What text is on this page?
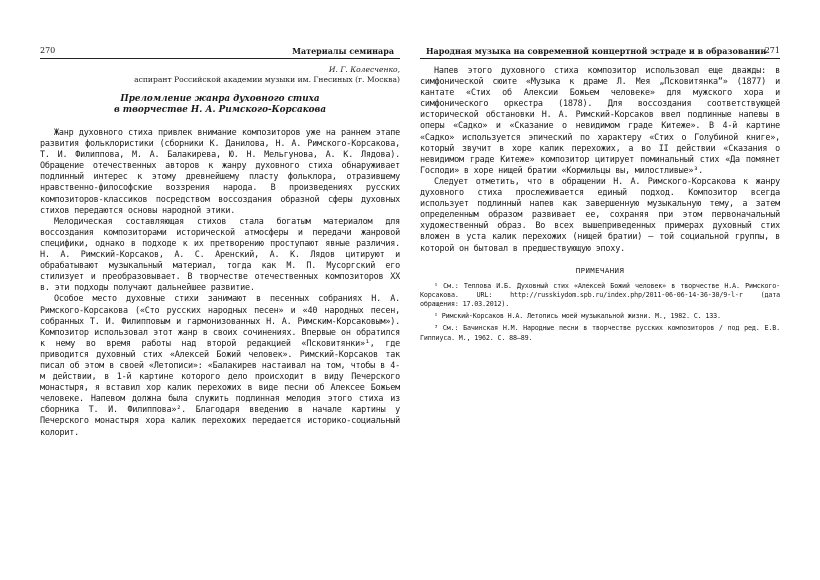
270	Материалы семинара
И. Г. Колесченко,
аспирант Российской академии музыки им. Гнесиных (г. Москва)
Преломление жанра духовного стиха
в творчестве Н. А. Римского-Корсакова

Жанр духовного стиха привлек внимание композиторов уже на раннем этапе развития фольклористики (сборники К. Данилова, Н. А. Римского-Корсакова, Т. И. Филиппова, М. А. Балакирева, Ю. Н. Мельгунова, А. К. Лядова). Обращение отечественных авторов к жанру духовного стиха обнаруживает подлинный интерес к этому древнейшему пласту фольклора, отразившему нравственно-философские воззрения народа. В произведениях русских композиторов-классиков посредством воссоздания образной сферы духовных стихов передаются основы народной этики.

Мелодическая составляющая стихов стала богатым материалом для воссоздания композиторами исторической атмосферы и передачи жанровой специфики, однако в подходе к их претворению проступают явные различия. Н. А. Римский-Корсаков, А. С. Аренский, А. К. Лядов цитируют и обрабатывают музыкальный материал, тогда как М. П. Мусоргский его стилизует и преобразовывает. В творчестве отечественных композиторов ХХ в. эти подходы получают дальнейшее развитие.

Особое место духовные стихи занимают в песенных собраниях Н. А. Римского-Корсакова («Сто русских народных песен» и «40 народных песен, собранных Т. И. Филипповым и гармонизованных Н. А. Римским-Корсаковым»). Композитор использовал этот жанр в своих сочинениях. Впервые он обратился к нему во время работы над второй редакцией «Псковитянки»¹, где приводится духовный стих «Алексей Божий человек». Римский-Корсаков так писал об этом в своей «Летописи»: «Балакирев настаивал на том, чтобы в 4-м действии, в 1-й картине которого дело происходит в виду Печерского монастыря, я вставил хор калик перехожих в виде песни об Алексее Божьем человеке. Напевом должна была служить подлинная мелодия этого стиха из сборника Т. И. Филиппова»². Благодаря введению в начале картины у Печерского монастыря хора калик перехожих передается историко-социальный колорит.

Народная музыка на современной концертной эстраде и в образовании
271

Напев этого духовного стиха композитор использовал еще дважды: в симфонической сюите «Музыка к драме Л. Мея „Псковитянка“» (1877) и кантате «Стих об Алексии Божьем человеке» для мужского хора и симфонического оркестра (1878). Для воссоздания соответствующей исторической обстановки Н. А. Римский-Корсаков ввел подлинные напевы в оперы «Садко» и «Сказание о невидимом граде Китеже». В 4-й картине «Садко» используется эпический по характеру «Стих о Голубиной книге», который звучит в хоре калик перехожих, а во II действии «Сказания о невидимом граде Китеже» композитор цитирует поминальный стих «Да помянет Господи» в хоре нищей братии «Кормильцы вы, милостливые»³.

Следует отметить, что в обращении Н. А. Римского-Корсакова к жанру духовного стиха прослеживается единый подход. Композитор всегда использует подлинный напев как завершенную музыкальную тему, а затем определенным образом развивает ее, сохраняя при этом первоначальный художественный образ. Во всех вышеприведенных примерах духовный стих вложен в уста калик перехожих (нищей братии) — той социальной группы, в которой он бытовал в предшествующую эпоху.

ПРИМЕЧАНИЯ

¹ См.: Теплова И.Б. Духовный стих «Алексей Божий человек» в творчестве Н.А. Римского-Корсакова. URL: http://russkiydom.spb.ru/index.php/2011-06-06-14-36-30/9-l-r (дата обращения: 17.03.2012).

² Римский-Корсаков Н.А. Летопись моей музыкальной жизни. М., 1982. С. 133.

³ См.: Бачинская Н.М. Народные песни в творчестве русских композиторов / под ред. Е.В. Гиппиуса. М., 1962. С. 88—89.
